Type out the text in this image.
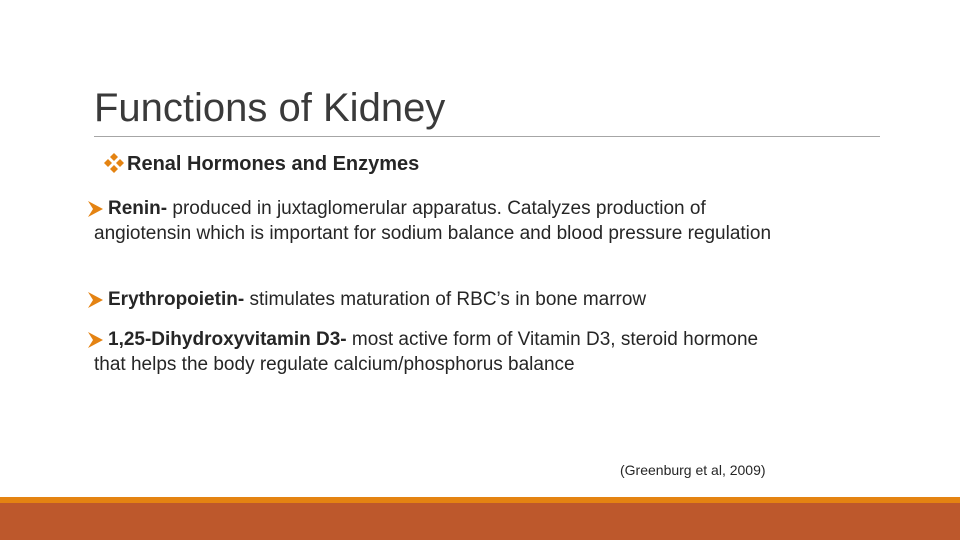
Functions of Kidney
Renal Hormones and Enzymes
Renin- produced in juxtaglomerular apparatus. Catalyzes production of
angiotensin which is important for sodium balance and blood pressure regulation
Erythropoietin- stimulates maturation of RBC’s in bone marrow
1,25-Dihydroxyvitamin D3- most active form of Vitamin D3, steroid hormone
that helps the body regulate calcium/phosphorus balance
(Greenburg et al, 2009)
